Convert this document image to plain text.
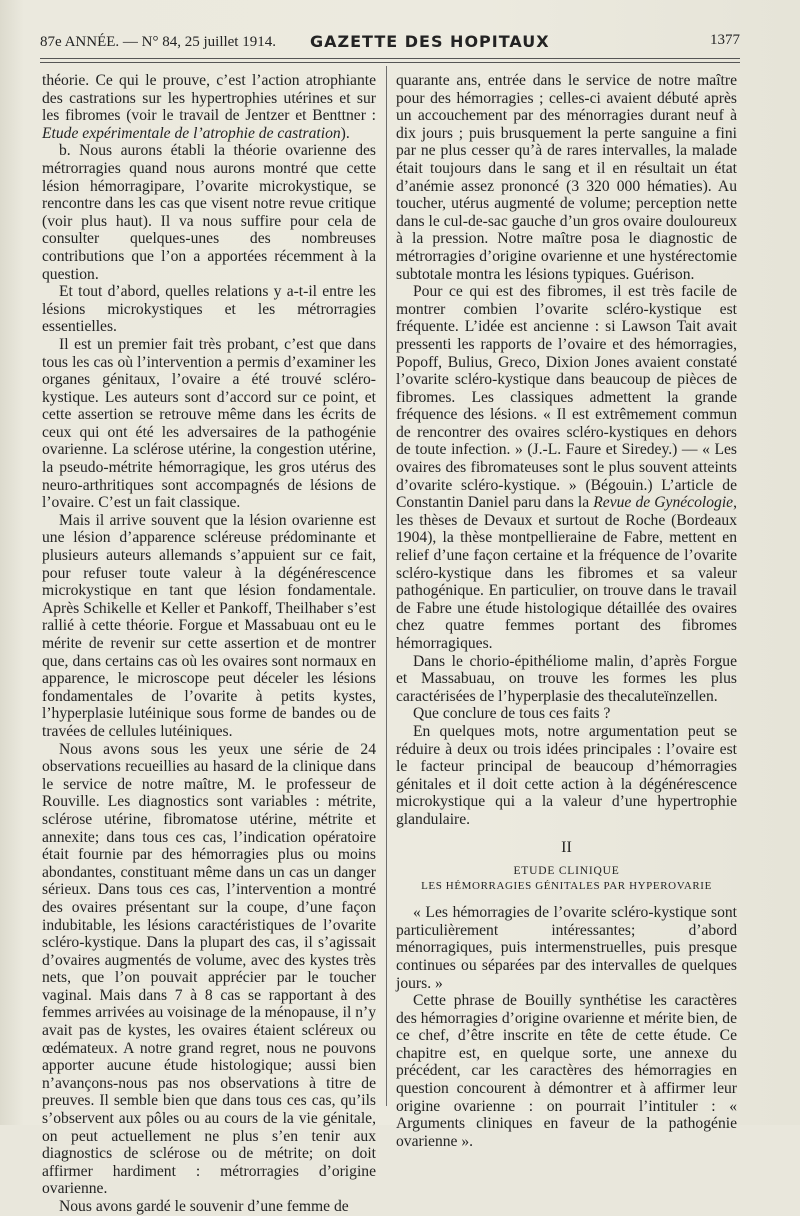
87e ANNÉE. — N° 84, 25 juillet 1914. GAZETTE DES HOPITAUX	1377

théorie. Ce qui le prouve, c’est l’action atrophiante des castrations sur les hypertrophies utérines et sur les fibromes (voir le travail de Jentzer et Benttner : Etude expérimentale de l’atrophie de castration).

b. Nous aurons établi la théorie ovarienne des métrorragies quand nous aurons montré que cette lésion hémorragipare, l’ovarite microkystique, se rencontre dans les cas que visent notre revue critique (voir plus haut). Il va nous suffire pour cela de consulter quelques-unes des nombreuses contributions que l’on a apportées récemment à la question.

Et tout d’abord, quelles relations y a-t-il entre les lésions microkystiques et les métrorragies essentielles.

Il est un premier fait très probant, c’est que dans tous les cas où l’intervention a permis d’examiner les organes génitaux, l’ovaire a été trouvé scléro-kystique. Les auteurs sont d’accord sur ce point, et cette assertion se retrouve même dans les écrits de ceux qui ont été les adversaires de la pathogénie ovarienne. La sclérose utérine, la congestion utérine, la pseudo-métrite hémorragique, les gros utérus des neuro-arthritiques sont accompagnés de lésions de l’ovaire. C’est un fait classique.

Mais il arrive souvent que la lésion ovarienne est une lésion d’apparence scléreuse prédominante et plusieurs auteurs allemands s’appuient sur ce fait, pour refuser toute valeur à la dégénérescence microkystique en tant que lésion fondamentale. Après Schikelle et Keller et Pankoff, Theilhaber s’est rallié à cette théorie. Forgue et Massabuau ont eu le mérite de revenir sur cette assertion et de montrer que, dans certains cas où les ovaires sont normaux en apparence, le microscope peut déceler les lésions fondamentales de l’ovarite à petits kystes, l’hyperplasie lutéinique sous forme de bandes ou de travées de cellules lutéiniques.

Nous avons sous les yeux une série de 24 observations recueillies au hasard de la clinique dans le service de notre maître, M. le professeur de Rouville. Les diagnostics sont variables : métrite, sclérose utérine, fibromatose utérine, métrite et annexite; dans tous ces cas, l’indication opératoire était fournie par des hémorragies plus ou moins abondantes, constituant même dans un cas un danger sérieux. Dans tous ces cas, l’intervention a montré des ovaires présentant sur la coupe, d’une façon indubitable, les lésions caractéristiques de l’ovarite scléro-kystique. Dans la plupart des cas, il s’agissait d’ovaires augmentés de volume, avec des kystes très nets, que l’on pouvait apprécier par le toucher vaginal. Mais dans 7 à 8 cas se rapportant à des femmes arrivées au voisinage de la ménopause, il n’y avait pas de kystes, les ovaires étaient scléreux ou œdémateux. A notre grand regret, nous ne pouvons apporter aucune étude histologique; aussi bien n’avançons-nous pas nos observations à titre de preuves. Il semble bien que dans tous ces cas, qu’ils s’observent aux pôles ou au cours de la vie génitale, on peut actuellement ne plus s’en tenir aux diagnostics de sclérose ou de métrite; on doit affirmer hardiment : métrorragies d’origine ovarienne.

Nous avons gardé le souvenir d’une femme de

quarante ans, entrée dans le service de notre maître pour des hémorragies ; celles-ci avaient débuté après un accouchement par des ménorragies durant neuf à dix jours ; puis brusquement la perte sanguine a fini par ne plus cesser qu’à de rares intervalles, la malade était toujours dans le sang et il en résultait un état d’anémie assez prononcé (3 320 000 hématies). Au toucher, utérus augmenté de volume; perception nette dans le cul-de-sac gauche d’un gros ovaire douloureux à la pression. Notre maître posa le diagnostic de métrorragies d’origine ovarienne et une hystérectomie subtotale montra les lésions typiques. Guérison.

Pour ce qui est des fibromes, il est très facile de montrer combien l’ovarite scléro-kystique est fréquente. L’idée est ancienne : si Lawson Tait avait pressenti les rapports de l’ovaire et des hémorragies, Popoff, Bulius, Greco, Dixion Jones avaient constaté l’ovarite scléro-kystique dans beaucoup de pièces de fibromes. Les classiques admettent la grande fréquence des lésions. « Il est extrêmement commun de rencontrer des ovaires scléro-kystiques en dehors de toute infection. » (J.-L. Faure et Siredey.) — « Les ovaires des fibromateuses sont le plus souvent atteints d’ovarite scléro-kystique. » (Bégouin.) L’article de Constantin Daniel paru dans la Revue de Gynécologie, les thèses de Devaux et surtout de Roche (Bordeaux 1904), la thèse montpellieraine de Fabre, mettent en relief d’une façon certaine et la fréquence de l’ovarite scléro-kystique dans les fibromes et sa valeur pathogénique. En particulier, on trouve dans le travail de Fabre une étude histologique détaillée des ovaires chez quatre femmes portant des fibromes hémorragiques.

Dans le chorio-épithéliome malin, d’après Forgue et Massabuau, on trouve les formes les plus caractérisées de l’hyperplasie des thecaluteïnzellen.

Que conclure de tous ces faits ?

En quelques mots, notre argumentation peut se réduire à deux ou trois idées principales : l’ovaire est le facteur principal de beaucoup d’hémorragies génitales et il doit cette action à la dégénérescence microkystique qui a la valeur d’une hypertrophie glandulaire.

II

ETUDE CLINIQUE

LES HÉMORRAGIES GÉNITALES PAR HYPEROVARIE

« Les hémorragies de l’ovarite scléro-kystique sont particulièrement intéressantes; d’abord ménorragiques, puis intermenstruelles, puis presque continues ou séparées par des intervalles de quelques jours. »

Cette phrase de Bouilly synthétise les caractères des hémorragies d’origine ovarienne et mérite bien, de ce chef, d’être inscrite en tête de cette étude. Ce chapitre est, en quelque sorte, une annexe du précédent, car les caractères des hémorragies en question concourent à démontrer et à affirmer leur origine ovarienne : on pourrait l’intituler : « Arguments cliniques en faveur de la pathogénie ovarienne ».
